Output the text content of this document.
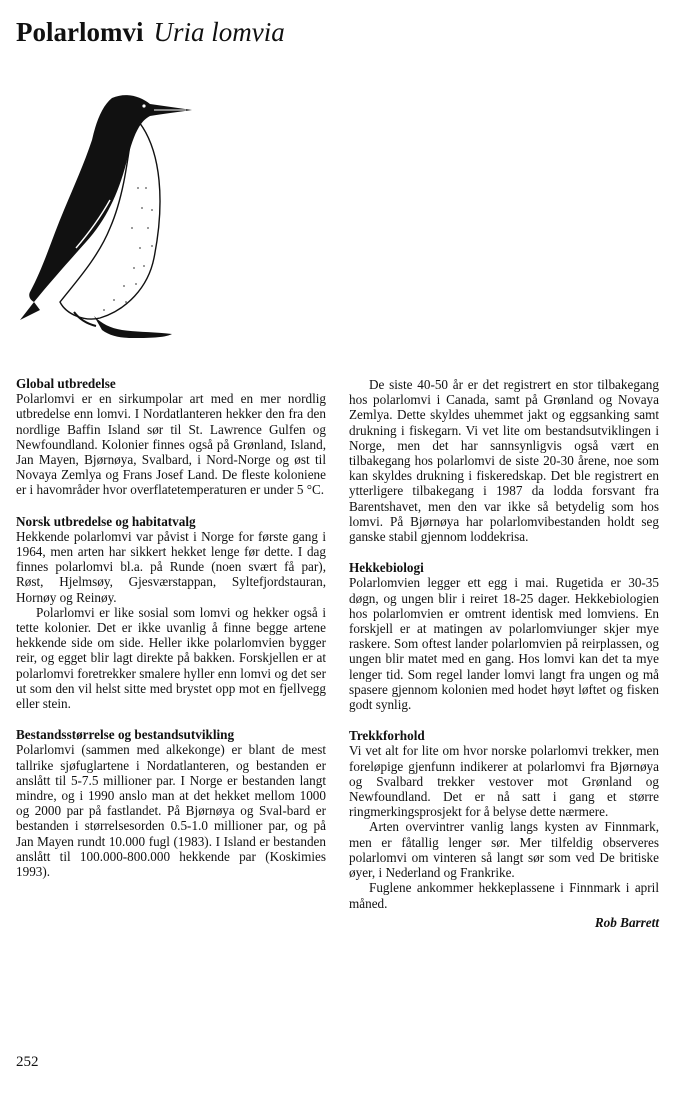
Polarlomvi Uria lomvia
Global utbredelse

Polarlomvi er en sirkumpolar art med en mer nordlig utbredelse enn lomvi. I Nordatlanteren hekker den fra den nordlige Baffin Island sør til St. Lawrence Gulfen og Newfoundland. Kolonier finnes også på Grønland, Island, Jan Mayen, Bjørnøya, Svalbard, i Nord-Norge og øst til Novaya Zemlya og Frans Josef Land. De fleste koloniene er i havområder hvor overflatetemperaturen er under 5 °C.

Norsk utbredelse og habitatvalg

Hekkende polarlomvi var påvist i Norge for første gang i 1964, men arten har sikkert hekket lenge før dette. I dag finnes polarlomvi bl.a. på Runde (noen svært få par), Røst, Hjelmsøy, Gjesværstappan, Syltefjordstauran, Hornøy og Reinøy.

Polarlomvi er like sosial som lomvi og hekker også i tette kolonier. Det er ikke uvanlig å finne begge artene hekkende side om side. Heller ikke polarlomvien bygger reir, og egget blir lagt direkte på bakken. Forskjellen er at polarlomvi foretrekker smalere hyller enn lomvi og det ser ut som den vil helst sitte med brystet opp mot en fjellvegg eller stein.

Bestandsstørrelse og bestandsutvikling

Polarlomvi (sammen med alkekonge) er blant de mest tallrike sjøfuglartene i Nordatlanteren, og bestanden er anslått til 5-7.5 millioner par. I Norge er bestanden langt mindre, og i 1990 anslo man at det hekket mellom 1000 og 2000 par på fastlandet. På Bjørnøya og Sval-bard er bestanden i størrelsesorden 0.5-1.0 millioner par, og på Jan Mayen rundt 10.000 fugl (1983). I Island er bestanden anslått til 100.000-800.000 hekkende par (Koskimies 1993).

De siste 40-50 år er det registrert en stor tilbakegang hos polarlomvi i Canada, samt på Grønland og Novaya Zemlya. Dette skyldes uhemmet jakt og eggsanking samt drukning i fiskegarn. Vi vet lite om bestandsutviklingen i Norge, men det har sannsynligvis også vært en tilbakegang hos polarlomvi de siste 20-30 årene, noe som kan skyldes drukning i fiskeredskap. Det ble registrert en ytterligere tilbakegang i 1987 da lodda forsvant fra Barentshavet, men den var ikke så betydelig som hos lomvi. På Bjørnøya har polarlomvibestanden holdt seg ganske stabil gjennom loddekrisa.

Hekkebiologi

Polarlomvien legger ett egg i mai. Rugetida er 30-35 døgn, og ungen blir i reiret 18-25 dager. Hekkebiologien hos polarlomvien er omtrent identisk med lomviens. En forskjell er at matingen av polarlomviunger skjer mye raskere. Som oftest lander polarlomvien på reirplassen, og ungen blir matet med en gang. Hos lomvi kan det ta mye lenger tid. Som regel lander lomvi langt fra ungen og må spasere gjennom kolonien med hodet høyt løftet og fisken godt synlig.

Trekkforhold

Vi vet alt for lite om hvor norske polarlomvi trekker, men foreløpige gjenfunn indikerer at polarlomvi fra Bjørnøya og Svalbard trekker vestover mot Grønland og Newfoundland. Det er nå satt i gang et større ringmerkingsprosjekt for å belyse dette nærmere.

Arten overvintrer vanlig langs kysten av Finnmark, men er fåtallig lenger sør. Mer tilfeldig observeres polarlomvi om vinteren så langt sør som ved De britiske øyer, i Nederland og Frankrike.

Fuglene ankommer hekkeplassene i Finnmark i april måned.

Rob Barrett
252
